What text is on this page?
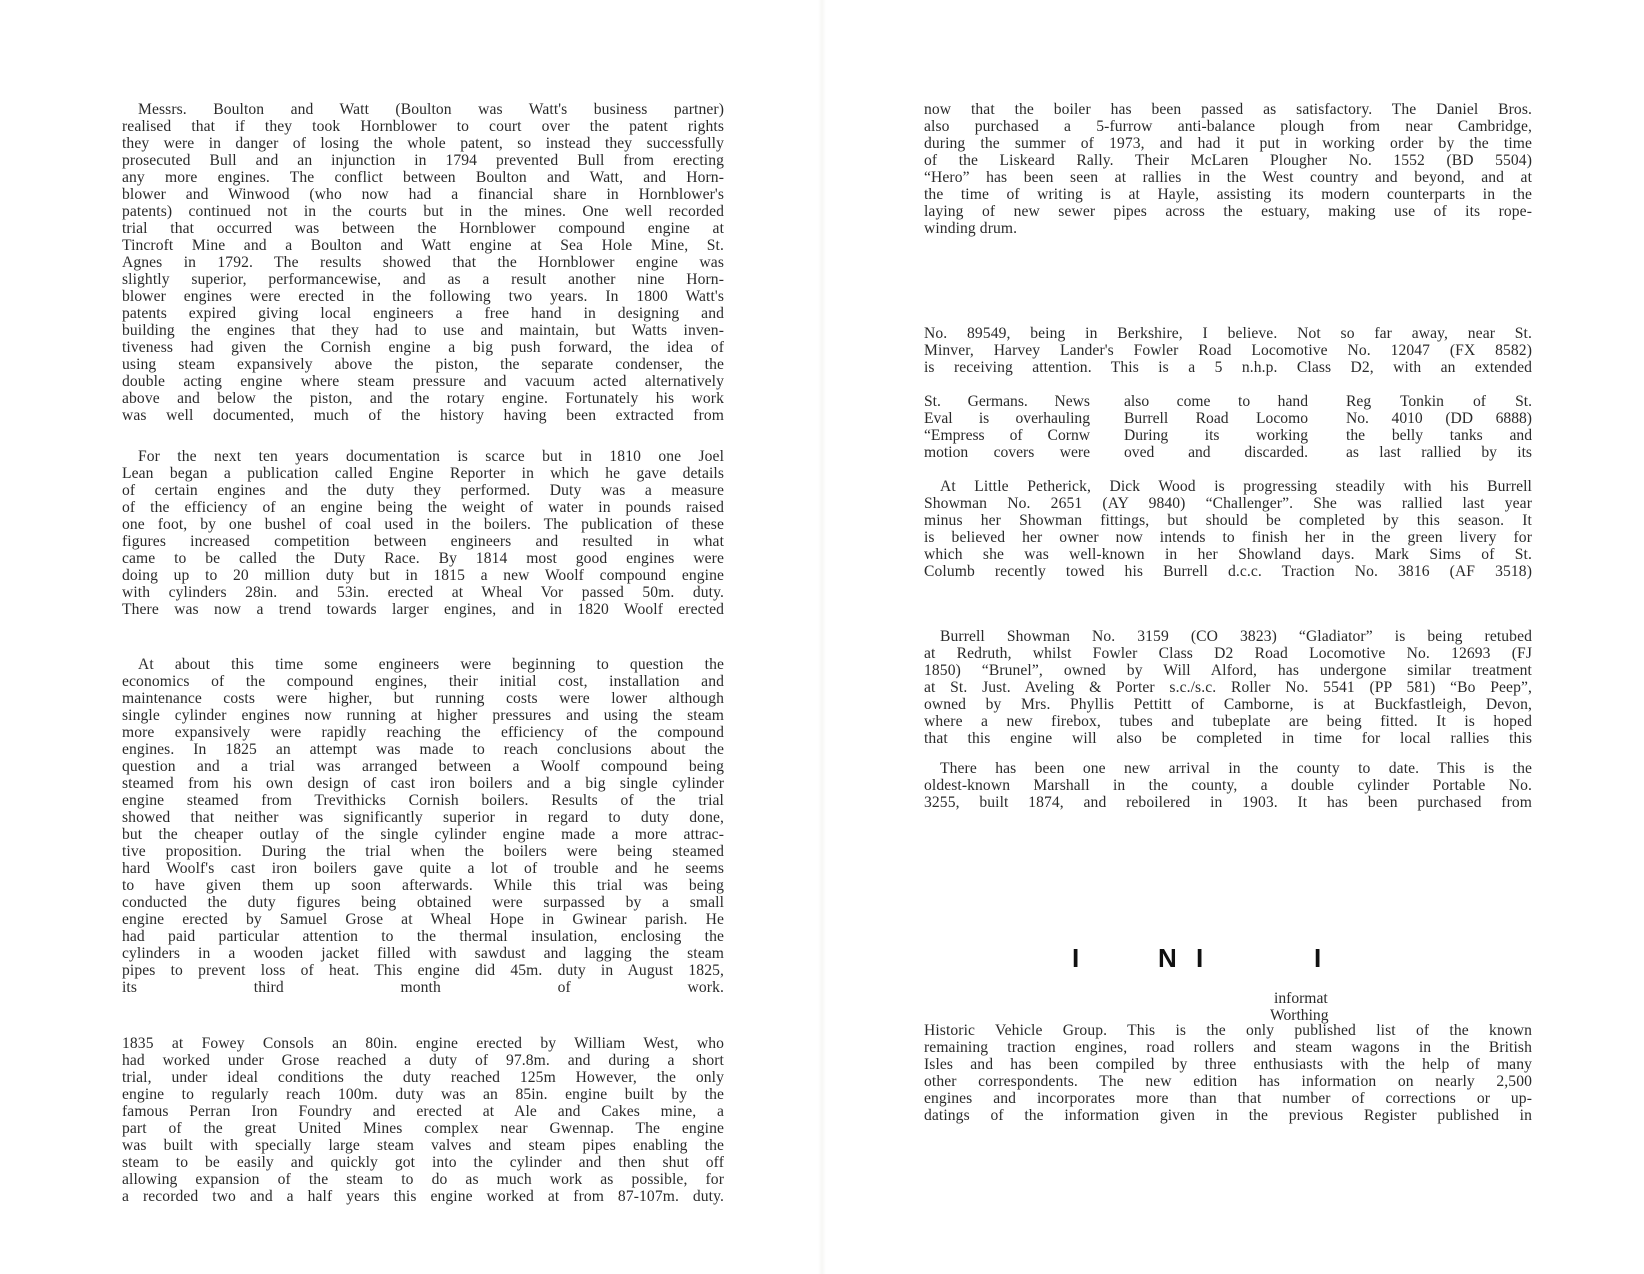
Messrs. Boulton and Watt (Boulton was Watt's business partner)
realised that if they took Hornblower to court over the patent rights
they were in danger of losing the whole patent, so instead they successfully
prosecuted Bull and an injunction in 1794 prevented Bull from erecting
any more engines. The conflict between Boulton and Watt, and Horn-
blower and Winwood (who now had a financial share in Hornblower's
patents) continued not in the courts but in the mines. One well recorded
trial that occurred was between the Hornblower compound engine at
Tincroft Mine and a Boulton and Watt engine at Sea Hole Mine, St.
Agnes in 1792. The results showed that the Hornblower engine was
slightly superior, performancewise, and as a result another nine Horn-
blower engines were erected in the following two years. In 1800 Watt's
patents expired giving local engineers a free hand in designing and
building the engines that they had to use and maintain, but Watts inven-
tiveness had given the Cornish engine a big push forward, the idea of
using steam expansively above the piston, the separate condenser, the
double acting engine where steam pressure and vacuum acted alternatively
above and below the piston, and the rotary engine. Fortunately his work
was well documented, much of the history having been extracted from
For the next ten years documentation is scarce but in 1810 one Joel
Lean began a publication called Engine Reporter in which he gave details
of certain engines and the duty they performed. Duty was a measure
of the efficiency of an engine being the weight of water in pounds raised
one foot, by one bushel of coal used in the boilers. The publication of these
figures increased competition between engineers and resulted in what
came to be called the Duty Race. By 1814 most good engines were
doing up to 20 million duty but in 1815 a new Woolf compound engine
with cylinders 28in. and 53in. erected at Wheal Vor passed 50m. duty.
There was now a trend towards larger engines, and in 1820 Woolf erected
At about this time some engineers were beginning to question the
economics of the compound engines, their initial cost, installation and
maintenance costs were higher, but running costs were lower although
single cylinder engines now running at higher pressures and using the steam
more expansively were rapidly reaching the efficiency of the compound
engines. In 1825 an attempt was made to reach conclusions about the
question and a trial was arranged between a Woolf compound being
steamed from his own design of cast iron boilers and a big single cylinder
engine steamed from Trevithicks Cornish boilers. Results of the trial
showed that neither was significantly superior in regard to duty done,
but the cheaper outlay of the single cylinder engine made a more attrac-
tive proposition. During the trial when the boilers were being steamed
hard Woolf's cast iron boilers gave quite a lot of trouble and he seems
to have given them up soon afterwards. While this trial was being
conducted the duty figures being obtained were surpassed by a small
engine erected by Samuel Grose at Wheal Hope in Gwinear parish. He
had paid particular attention to the thermal insulation, enclosing the
cylinders in a wooden jacket filled with sawdust and lagging the steam
pipes to prevent loss of heat. This engine did 45m. duty in August 1825,
its third month of work.
1835 at Fowey Consols an 80in. engine erected by William West, who
had worked under Grose reached a duty of 97.8m. and during a short
trial, under ideal conditions the duty reached 125m However, the only
engine to regularly reach 100m. duty was an 85in. engine built by the
famous Perran Iron Foundry and erected at Ale and Cakes mine, a
part of the great United Mines complex near Gwennap. The engine
was built with specially large steam valves and steam pipes enabling the
steam to be easily and quickly got into the cylinder and then shut off
allowing expansion of the steam to do as much work as possible, for
a recorded two and a half years this engine worked at from 87-107m. duty.
now that the boiler has been passed as satisfactory. The Daniel Bros.
also purchased a 5-furrow anti-balance plough from near Cambridge,
during the summer of 1973, and had it put in working order by the time
of the Liskeard Rally. Their McLaren Plougher No. 1552 (BD 5504)
“Hero” has been seen at rallies in the West country and beyond, and at
the time of writing is at Hayle, assisting its modern counterparts in the
laying of new sewer pipes across the estuary, making use of its rope-
winding drum.
No. 89549, being in Berkshire, I believe. Not so far away, near St.
Minver, Harvey Lander's Fowler Road Locomotive No. 12047 (FX 8582)
is receiving attention. This is a 5 n.h.p. Class D2, with an extended
St. Germans. News
Eval is overhauling
“Empress of Cornw
motion covers were
also come to hand
Burrell Road Locomo
During its working
oved and discarded.
Reg Tonkin of St.
No. 4010 (DD 6888)
the belly tanks and
as last rallied by its
At Little Petherick, Dick Wood is progressing steadily with his Burrell
Showman No. 2651 (AY 9840) “Challenger”. She was rallied last year
minus her Showman fittings, but should be completed by this season. It
is believed her owner now intends to finish her in the green livery for
which she was well-known in her Showland days. Mark Sims of St.
Columb recently towed his Burrell d.c.c. Traction No. 3816 (AF 3518)
Burrell Showman No. 3159 (CO 3823) “Gladiator” is being retubed
at Redruth, whilst Fowler Class D2 Road Locomotive No. 12693 (FJ
1850) “Brunel”, owned by Will Alford, has undergone similar treatment
at St. Just. Aveling & Porter s.c./s.c. Roller No. 5541 (PP 581) “Bo Peep”,
owned by Mrs. Phyllis Pettitt of Camborne, is at Buckfastleigh, Devon,
where a new firebox, tubes and tubeplate are being fitted. It is hoped
that this engine will also be completed in time for local rallies this
There has been one new arrival in the county to date. This is the
oldest-known Marshall in the county, a double cylinder Portable No.
3255, built 1874, and reboilered in 1903. It has been purchased from
I	N I	I
informat
Worthing
Historic Vehicle Group. This is the only published list of the known
remaining traction engines, road rollers and steam wagons in the British
Isles and has been compiled by three enthusiasts with the help of many
other correspondents. The new edition has information on nearly 2,500
engines and incorporates more than that number of corrections or up-
datings of the information given in the previous Register published in
